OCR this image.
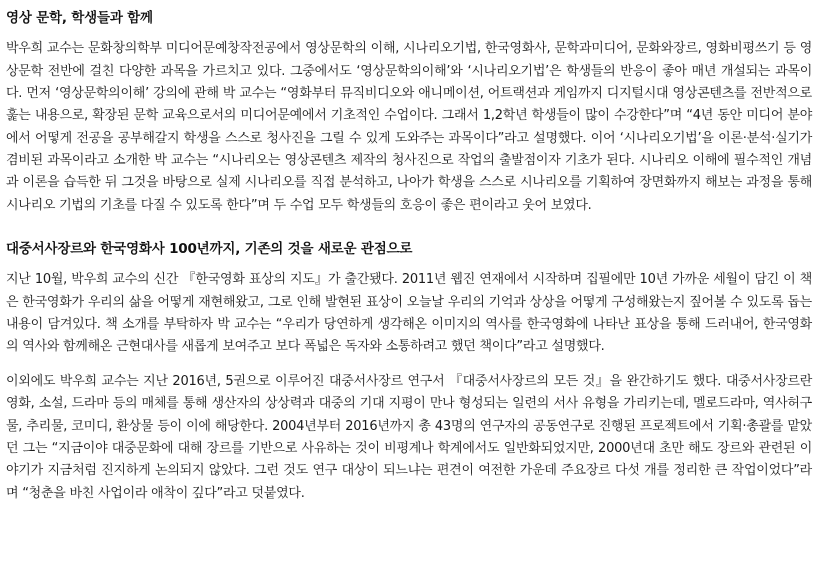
영상 문학, 학생들과 함께

박우희 교수는 문화창의학부 미디어문예창작전공에서 영상문학의 이해, 시나리오기법, 한국영화사, 문학과미디어, 문화와장르, 영화비평쓰기 등 영상문학 전반에 걸친 다양한 과목을 가르치고 있다. 그중에서도 ‘영상문학의이해’와 ‘시나리오기법’은 학생들의 반응이 좋아 매년 개설되는 과목이다. 먼저 ‘영상문학의이해’ 강의에 관해 박 교수는 “영화부터 뮤직비디오와 애니메이션, 어트랙션과 게임까지 디지털시대 영상콘텐츠를 전반적으로 훑는 내용으로, 확장된 문학 교육으로서의 미디어문예에서 기초적인 수업이다. 그래서 1,2학년 학생들이 많이 수강한다”며 “4년 동안 미디어 분야에서 어떻게 전공을 공부해갈지 학생을 스스로 청사진을 그릴 수 있게 도와주는 과목이다”라고 설명했다. 이어 ‘시나리오기법’을 이론·분석·실기가 겸비된 과목이라고 소개한 박 교수는 “시나리오는 영상콘텐츠 제작의 청사진으로 작업의 출발점이자 기초가 된다. 시나리오 이해에 필수적인 개념과 이론을 습득한 뒤 그것을 바탕으로 실제 시나리오를 직접 분석하고, 나아가 학생을 스스로 시나리오를 기획하여 장면화까지 해보는 과정을 통해 시나리오 기법의 기초를 다질 수 있도록 한다”며 두 수업 모두 학생들의 호응이 좋은 편이라고 웃어 보였다.

대중서사장르와 한국영화사 100년까지, 기존의 것을 새로운 관점으로

지난 10월, 박우희 교수의 신간 『한국영화 표상의 지도』가 출간됐다. 2011년 웹진 연재에서 시작하며 집필에만 10년 가까운 세월이 담긴 이 책은 한국영화가 우리의 삶을 어떻게 재현해왔고, 그로 인해 발현된 표상이 오늘날 우리의 기억과 상상을 어떻게 구성해왔는지 짚어볼 수 있도록 돕는 내용이 담겨있다. 책 소개를 부탁하자 박 교수는 “우리가 당연하게 생각해온 이미지의 역사를 한국영화에 나타난 표상을 통해 드러내어, 한국영화의 역사와 함께해온 근현대사를 새롭게 보여주고 보다 폭넓은 독자와 소통하려고 했던 책이다”라고 설명했다.

이외에도 박우희 교수는 지난 2016년, 5권으로 이루어진 대중서사장르 연구서 『대중서사장르의 모든 것』을 완간하기도 했다. 대중서사장르란 영화, 소설, 드라마 등의 매체를 통해 생산자의 상상력과 대중의 기대 지평이 만나 형성되는 일련의 서사 유형을 가리키는데, 멜로드라마, 역사허구물, 추리물, 코미디, 환상물 등이 이에 해당한다. 2004년부터 2016년까지 총 43명의 연구자의 공동연구로 진행된 프로젝트에서 기획·총괄를 맡았던 그는 “지금이야 대중문화에 대해 장르를 기반으로 사유하는 것이 비평계나 학계에서도 일반화되었지만, 2000년대 초만 해도 장르와 관련된 이야기가 지금처럼 진지하게 논의되지 않았다. 그런 것도 연구 대상이 되느냐는 편견이 여전한 가운데 주요장르 다섯 개를 정리한 큰 작업이었다”라며 “청춘을 바친 사업이라 애착이 깊다”라고 덧붙였다.
